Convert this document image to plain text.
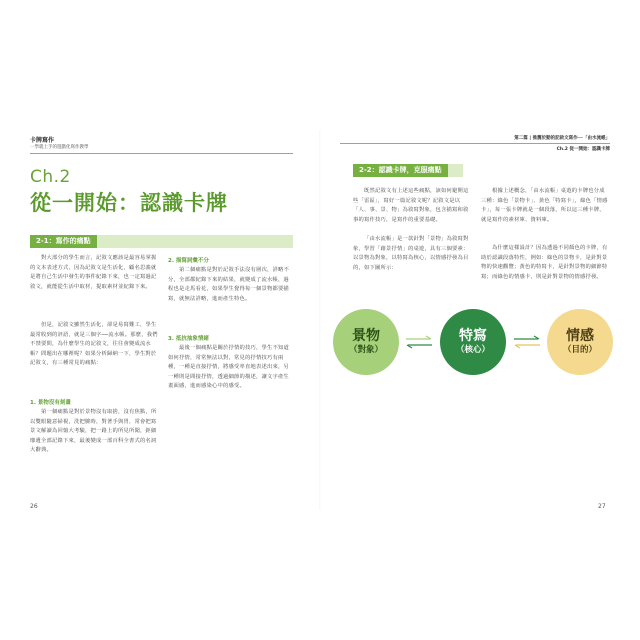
卡牌寫作
一學就上手的遊戲化寫作教學
Ch.2
從一開始：認識卡牌
2-1：寫作的痛點
對大部分的學生而言，記敘文應該是最容易掌握的文本表述方式，因為記敘文是生活化，顧名思義就是將自己生活中發生的事件紀錄下來，也一定寫過記敘文，就能從生活中取材，提取素材並紀錄下來。
但是，記敘文雖然生活化，卻是易寫難工，學生最常收到的評語，就是三個字──流水帳。那麼，我們不禁要問，為什麼學生的記敘文，往往會變成流水帳？問題出在哪裡呢？如果分析歸納一下，學生對於記敘文，有三種常見的痛點：
1. 景物沒有刻畫
第一個痛點是對於景物沒有取捨，沒有焦點，所以雙眼隨意掃視，洗把臉時，對著手與胃，常會把寫景文解讀為回憶大考驗，把一路上的所見所聞，鉅細靡遺全部記錄下來，最後變成一部百科全書式的名詞大辭典。
2. 描寫詞彙不分
第二個痛點是對於記敘手法沒有層次，詳略不分，全部都紀錄下來的結果，就變成了流水帳，過程也是走馬看花，如果學生覺得每一個景物都要描寫，就無法詳略，進而產生特色。
3. 抵抗抽象情緒
最後一個痛點是關於抒情的技巧，學生不知道如何抒情，常常無法以對，常見的抒情技巧有兩種，一種是直接抒情，將感受率直地表述出來，另一種則是間接抒情，透過細節的描述，讓文字產生畫面感，進而感染心中的感受。
26
第二篇 | 推薦於動的記敘文寫作──「由水流帳」
Ch.2 從一開始：認識卡牌
2-2：認識卡牌，克服痛點
既然記敘文有上述這些痛點，該如何避開這些「雷區」，寫好一篇記敘文呢？記敘文是以「人、事、景、物」為敘寫對象，包含描寫和敘事的寫作技巧，是寫作的重要基礎。
「由水流帳」是一款針對「景物」為敘寫對象，學習「藉景抒情」的桌遊，具有三個要素：以景物為對象，以特寫為核心，以情感抒發為目的，如下圖所示：
根據上述概念，「由水流帳」桌遊的卡牌也分成三種：綠色「景物卡」、黃色「特寫卡」，綠色「情感卡」，每一張卡牌就是一個段落，所以這三種卡牌，就是寫作的素材庫、資料庫。
為什麼這樣設計？因為透過不同顏色的卡牌，有助於認識段落特性，例如：綠色的景物卡，是針對景物的快速觀覽；黃色的特寫卡，是針對景物的細節特寫；而綠色的情感卡，則是針對景物的情感抒發。
景物
（對象）
特寫
（核心）
情感
（目的）
27
